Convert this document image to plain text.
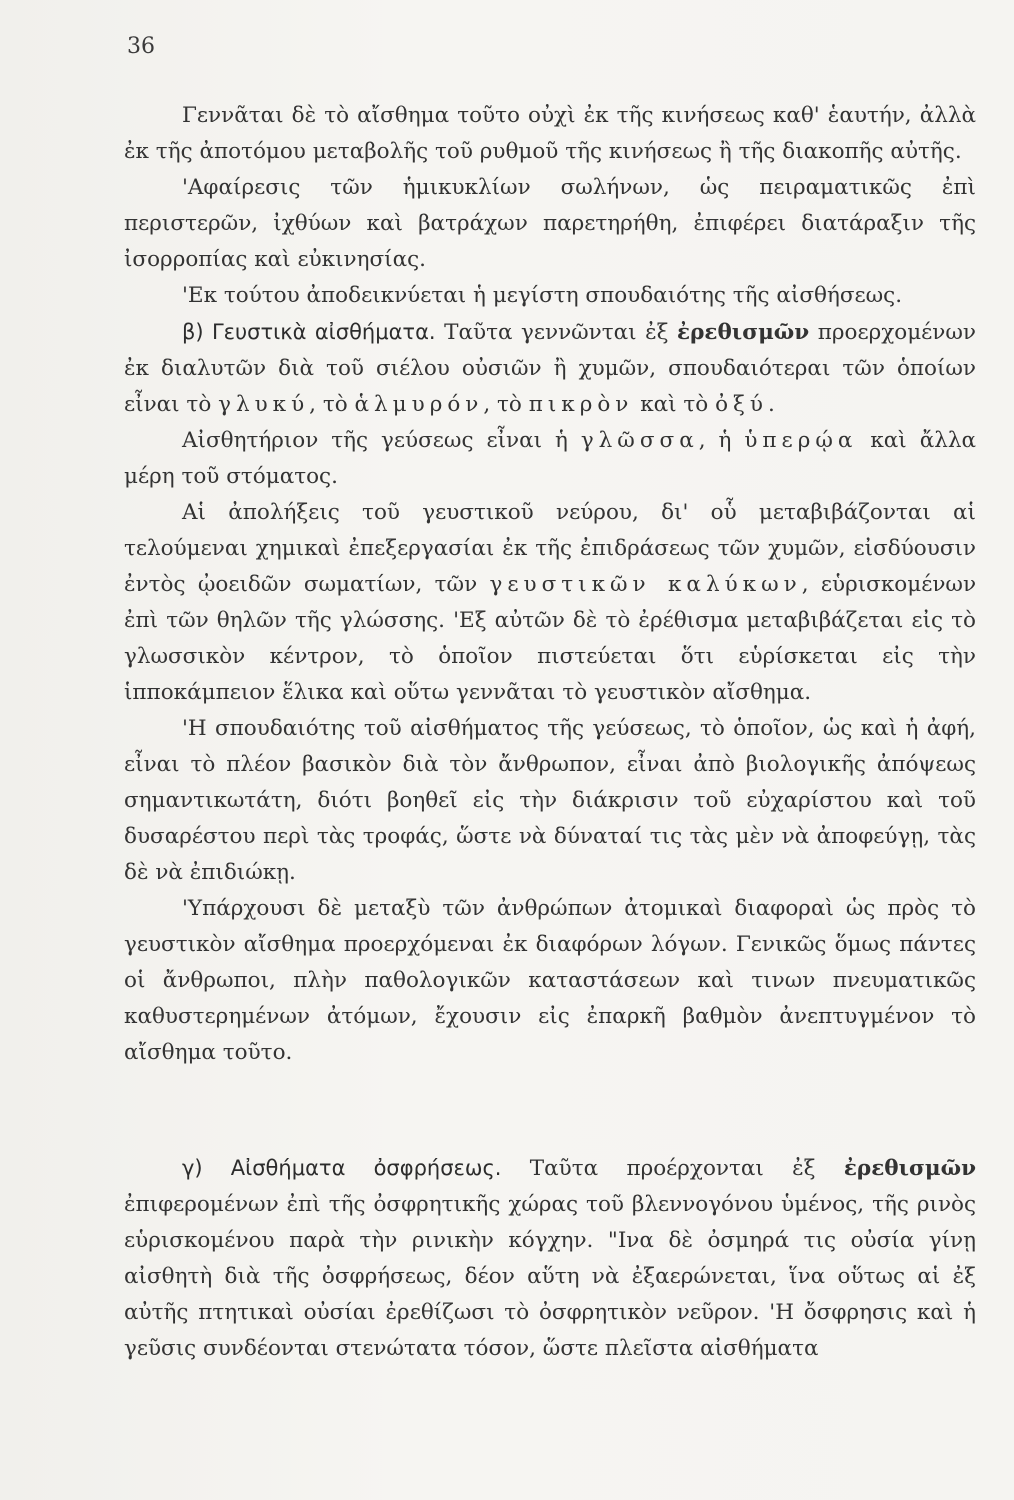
36

Γεννᾶται δὲ τὸ αἴσθημα τοῦτο οὐχὶ ἐκ τῆς κινήσεως καθ' ἑαυτήν, ἀλλὰ ἐκ τῆς ἀποτόμου μεταβολῆς τοῦ ρυθμοῦ τῆς κινήσεως ἢ τῆς διακοπῆς αὐτῆς.

'Αφαίρεσις τῶν ἡμικυκλίων σωλήνων, ὡς πειραματικῶς ἐπὶ περιστερῶν, ἰχθύων καὶ βατράχων παρετηρήθη, ἐπιφέρει διατάραξιν τῆς ἰσορροπίας καὶ εὐκινησίας.

'Εκ τούτου ἀποδεικνύεται ἡ μεγίστη σπουδαιότης τῆς αἰσθήσεως.

β) Γευστικὰ αἰσθήματα. Ταῦτα γεννῶνται ἐξ ἐρεθισμῶν προερχομένων ἐκ διαλυτῶν διὰ τοῦ σιέλου οὐσιῶν ἢ χυμῶν, σπουδαιότεραι τῶν ὁποίων εἶναι τὸ γλυκύ, τὸ ἁλμυρόν, τὸ πικρὸν καὶ τὸ ὀξύ.

Αἰσθητήριον τῆς γεύσεως εἶναι ἡ γλῶσσα, ἡ ὑπερῴα καὶ ἄλλα μέρη τοῦ στόματος.

Αἱ ἀπολήξεις τοῦ γευστικοῦ νεύρου, δι' οὗ μεταβιβάζονται αἱ τελούμεναι χημικαὶ ἐπεξεργασίαι ἐκ τῆς ἐπιδράσεως τῶν χυμῶν, εἰσδύουσιν ἐντὸς ᾠοειδῶν σωματίων, τῶν γευστικῶν καλύκων, εὑρισκομένων ἐπὶ τῶν θηλῶν τῆς γλώσσης. 'Εξ αὐτῶν δὲ τὸ ἐρέθισμα μεταβιβάζεται εἰς τὸ γλωσσικὸν κέντρον, τὸ ὁποῖον πιστεύεται ὅτι εὑρίσκεται εἰς τὴν ἱπποκάμπειον ἕλικα καὶ οὕτω γεννᾶται τὸ γευστικὸν αἴσθημα.

'Η σπουδαιότης τοῦ αἰσθήματος τῆς γεύσεως, τὸ ὁποῖον, ὡς καὶ ἡ ἀφή, εἶναι τὸ πλέον βασικὸν διὰ τὸν ἄνθρωπον, εἶναι ἀπὸ βιολογικῆς ἀπόψεως σημαντικωτάτη, διότι βοηθεῖ εἰς τὴν διάκρισιν τοῦ εὐχαρίστου καὶ τοῦ δυσαρέστου περὶ τὰς τροφάς, ὥστε νὰ δύναταί τις τὰς μὲν νὰ ἀποφεύγῃ, τὰς δὲ νὰ ἐπιδιώκῃ.

'Υπάρχουσι δὲ μεταξὺ τῶν ἀνθρώπων ἀτομικαὶ διαφοραὶ ὡς πρὸς τὸ γευστικὸν αἴσθημα προερχόμεναι ἐκ διαφόρων λόγων. Γενικῶς ὅμως πάντες οἱ ἄνθρωποι, πλὴν παθολογικῶν καταστάσεων καὶ τινων πνευματικῶς καθυστερημένων ἀτόμων, ἔχουσιν εἰς ἐπαρκῆ βαθμὸν ἀνεπτυγμένον τὸ αἴσθημα τοῦτο.

γ) Αἰσθήματα ὀσφρήσεως. Ταῦτα προέρχονται ἐξ ἐρεθισμῶν ἐπιφερομένων ἐπὶ τῆς ὀσφρητικῆς χώρας τοῦ βλεννογόνου ὑμένος, τῆς ρινὸς εὑρισκομένου παρὰ τὴν ρινικὴν κόγχην. "Ινα δὲ ὀσμηρά τις οὐσία γίνῃ αἰσθητὴ διὰ τῆς ὀσφρήσεως, δέον αὕτη νὰ ἐξαερώνεται, ἵνα οὕτως αἱ ἐξ αὐτῆς πτητικαὶ οὐσίαι ἐρεθίζωσι τὸ ὀσφρητικὸν νεῦρον. 'Η ὄσφρησις καὶ ἡ γεῦσις συνδέονται στενώτατα τόσον, ὥστε πλεῖστα αἰσθήματα
